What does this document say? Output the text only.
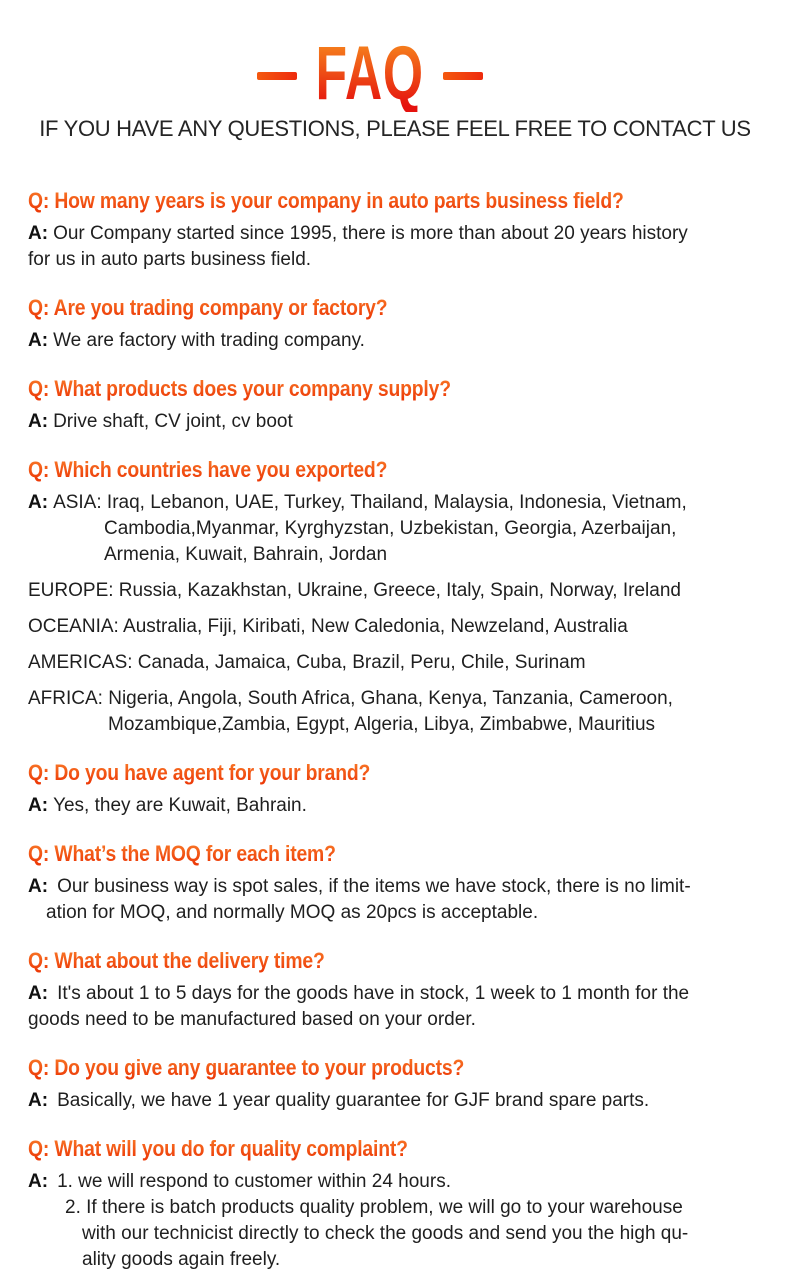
FAQ
IF YOU HAVE ANY QUESTIONS, PLEASE FEEL FREE TO CONTACT US
Q: How many years is your company in auto parts business field?
A: Our Company started since 1995, there is more than about 20 years history
for us in auto parts business field.
Q: Are you trading company or factory?
A: We are factory with trading company.
Q: What products does your company supply?
A: Drive shaft, CV joint, cv boot
Q: Which countries have you exported?
A: ASIA: Iraq, Lebanon, UAE, Turkey, Thailand, Malaysia, Indonesia, Vietnam,
Cambodia,Myanmar, Kyrghyzstan, Uzbekistan, Georgia, Azerbaijan,
Armenia, Kuwait, Bahrain, Jordan
EUROPE: Russia, Kazakhstan, Ukraine, Greece, Italy, Spain, Norway, Ireland
OCEANIA: Australia, Fiji, Kiribati, New Caledonia, Newzeland, Australia
AMERICAS: Canada, Jamaica, Cuba, Brazil, Peru, Chile, Surinam
AFRICA: Nigeria, Angola, South Africa, Ghana, Kenya, Tanzania, Cameroon,
Mozambique,Zambia, Egypt, Algeria, Libya, Zimbabwe, Mauritius
Q: Do you have agent for your brand?
A: Yes, they are Kuwait, Bahrain.
Q: What’s the MOQ for each item?
A: Our business way is spot sales, if the items we have stock, there is no limit-
ation for MOQ, and normally MOQ as 20pcs is acceptable.
Q: What about the delivery time?
A: It's about 1 to 5 days for the goods have in stock, 1 week to 1 month for the
goods need to be manufactured based on your order.
Q: Do you give any guarantee to your products?
A: Basically, we have 1 year quality guarantee for GJF brand spare parts.
Q: What will you do for quality complaint?
A: 1. we will respond to customer within 24 hours.
2. If there is batch products quality problem, we will go to your warehouse
with our technicist directly to check the goods and send you the high qu-
ality goods again freely.
